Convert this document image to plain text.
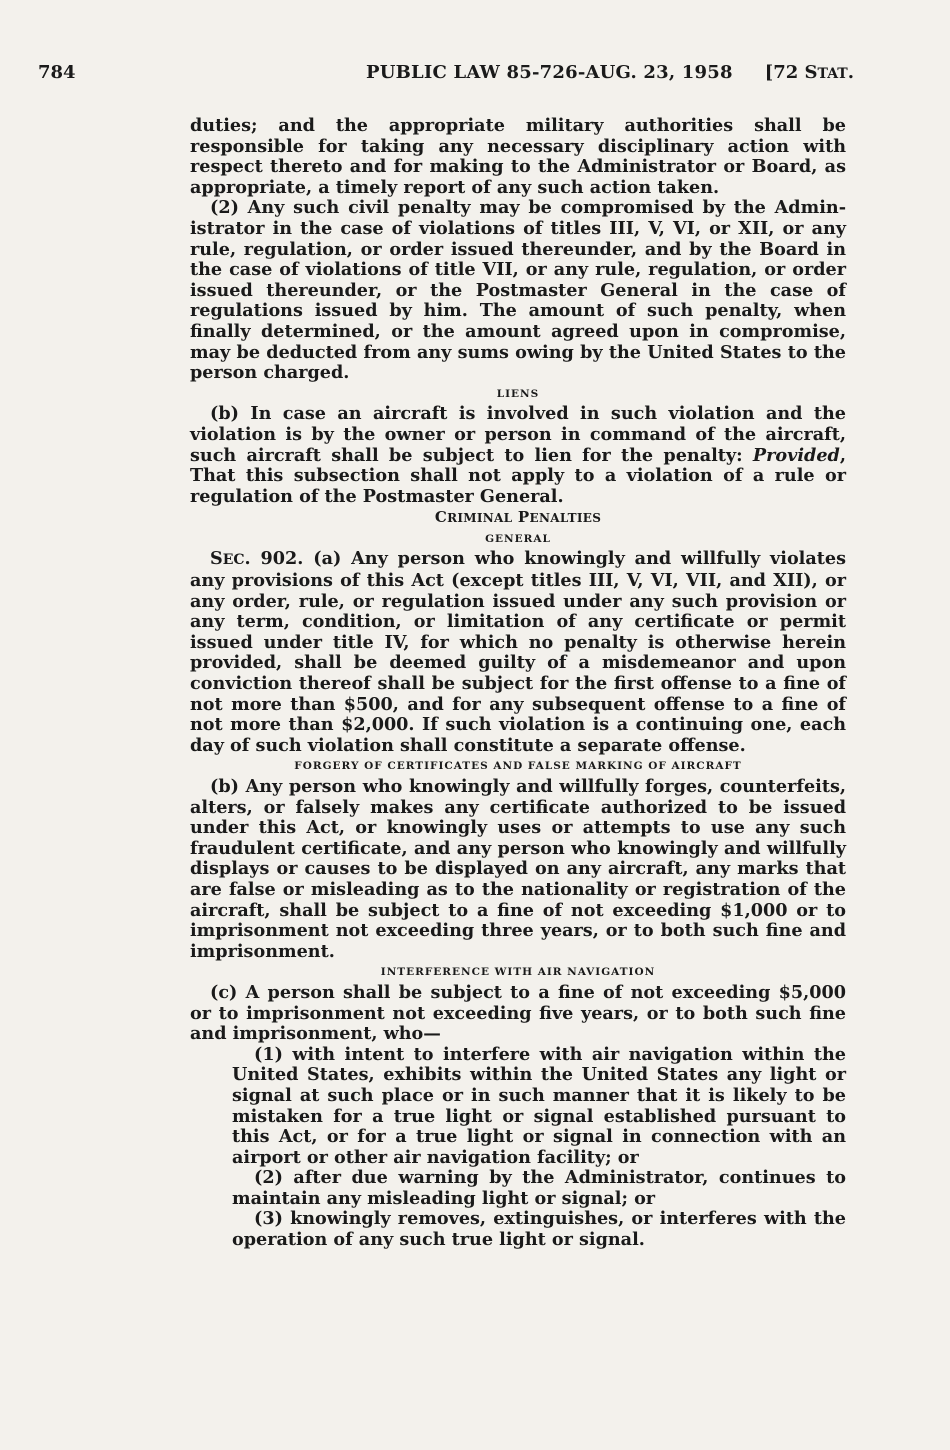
784	PUBLIC LAW 85-726-AUG. 23, 1958 [72 STAT.

duties; and the appropriate military authorities shall be responsible for taking any necessary disciplinary action with respect thereto and for making to the Administrator or Board, as appropriate, a timely report of any such action taken.

(2) Any such civil penalty may be compromised by the Administrator in the case of violations of titles III, V, VI, or XII, or any rule, regulation, or order issued thereunder, and by the Board in the case of violations of title VII, or any rule, regulation, or order issued thereunder, or the Postmaster General in the case of regulations issued by him. The amount of such penalty, when finally determined, or the amount agreed upon in compromise, may be deducted from any sums owing by the United States to the person charged.

LIENS

(b) In case an aircraft is involved in such violation and the violation is by the owner or person in command of the aircraft, such aircraft shall be subject to lien for the penalty: Provided, That this subsection shall not apply to a violation of a rule or regulation of the Postmaster General.

CRIMINAL PENALTIES

GENERAL

SEC. 902. (a) Any person who knowingly and willfully violates any provisions of this Act (except titles III, V, VI, VII, and XII), or any order, rule, or regulation issued under any such provision or any term, condition, or limitation of any certificate or permit issued under title IV, for which no penalty is otherwise herein provided, shall be deemed guilty of a misdemeanor and upon conviction thereof shall be subject for the first offense to a fine of not more than $500, and for any subsequent offense to a fine of not more than $2,000. If such violation is a continuing one, each day of such violation shall constitute a separate offense.

FORGERY OF CERTIFICATES AND FALSE MARKING OF AIRCRAFT

(b) Any person who knowingly and willfully forges, counterfeits, alters, or falsely makes any certificate authorized to be issued under this Act, or knowingly uses or attempts to use any such fraudulent certificate, and any person who knowingly and willfully displays or causes to be displayed on any aircraft, any marks that are false or misleading as to the nationality or registration of the aircraft, shall be subject to a fine of not exceeding $1,000 or to imprisonment not exceeding three years, or to both such fine and imprisonment.

INTERFERENCE WITH AIR NAVIGATION

(c) A person shall be subject to a fine of not exceeding $5,000 or to imprisonment not exceeding five years, or to both such fine and imprisonment, who—

(1) with intent to interfere with air navigation within the United States, exhibits within the United States any light or signal at such place or in such manner that it is likely to be mistaken for a true light or signal established pursuant to this Act, or for a true light or signal in connection with an airport or other air navigation facility; or

(2) after due warning by the Administrator, continues to maintain any misleading light or signal; or

(3) knowingly removes, extinguishes, or interferes with the operation of any such true light or signal.
